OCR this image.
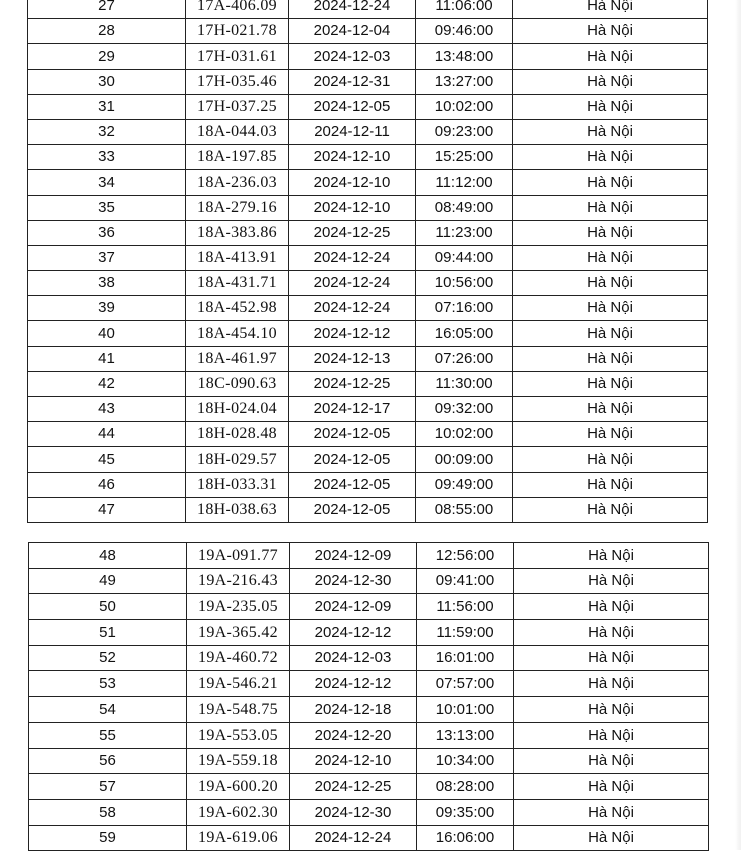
27	17A-406.09	2024-12-24	11:06:00	Hà Nội
28	17H-021.78	2024-12-04	09:46:00	Hà Nội
29	17H-031.61	2024-12-03	13:48:00	Hà Nội
30	17H-035.46	2024-12-31	13:27:00	Hà Nội
31	17H-037.25	2024-12-05	10:02:00	Hà Nội
32	18A-044.03	2024-12-11	09:23:00	Hà Nội
33	18A-197.85	2024-12-10	15:25:00	Hà Nội
34	18A-236.03	2024-12-10	11:12:00	Hà Nội
35	18A-279.16	2024-12-10	08:49:00	Hà Nội
36	18A-383.86	2024-12-25	11:23:00	Hà Nội
37	18A-413.91	2024-12-24	09:44:00	Hà Nội
38	18A-431.71	2024-12-24	10:56:00	Hà Nội
39	18A-452.98	2024-12-24	07:16:00	Hà Nội
40	18A-454.10	2024-12-12	16:05:00	Hà Nội
41	18A-461.97	2024-12-13	07:26:00	Hà Nội
42	18C-090.63	2024-12-25	11:30:00	Hà Nội
43	18H-024.04	2024-12-17	09:32:00	Hà Nội
44	18H-028.48	2024-12-05	10:02:00	Hà Nội
45	18H-029.57	2024-12-05	00:09:00	Hà Nội
46	18H-033.31	2024-12-05	09:49:00	Hà Nội
47	18H-038.63	2024-12-05	08:55:00	Hà Nội
48	19A-091.77	2024-12-09	12:56:00	Hà Nội
49	19A-216.43	2024-12-30	09:41:00	Hà Nội
50	19A-235.05	2024-12-09	11:56:00	Hà Nội
51	19A-365.42	2024-12-12	11:59:00	Hà Nội
52	19A-460.72	2024-12-03	16:01:00	Hà Nội
53	19A-546.21	2024-12-12	07:57:00	Hà Nội
54	19A-548.75	2024-12-18	10:01:00	Hà Nội
55	19A-553.05	2024-12-20	13:13:00	Hà Nội
56	19A-559.18	2024-12-10	10:34:00	Hà Nội
57	19A-600.20	2024-12-25	08:28:00	Hà Nội
58	19A-602.30	2024-12-30	09:35:00	Hà Nội
59	19A-619.06	2024-12-24	16:06:00	Hà Nội
